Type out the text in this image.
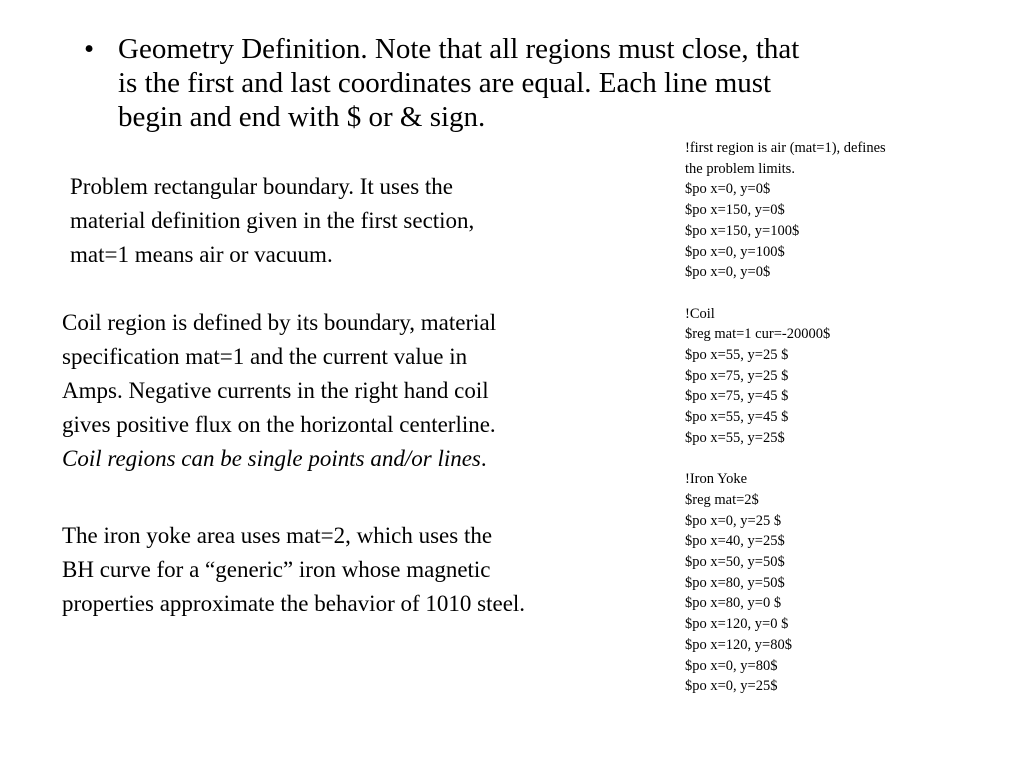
• Geometry Definition. Note that all regions must close, that
is the first and last coordinates are equal. Each line must
begin and end with $ or & sign.
Problem rectangular boundary. It uses the
material definition given in the first section,
mat=1 means air or vacuum.
Coil region is defined by its boundary, material
specification mat=1 and the current value in
Amps. Negative currents in the right hand coil
gives positive flux on the horizontal centerline.
Coil regions can be single points and/or lines.
The iron yoke area uses mat=2, which uses the
BH curve for a “generic” iron whose magnetic
properties approximate the behavior of 1010 steel.
!first region is air (mat=1), defines
the problem limits.
$po x=0, y=0$
$po x=150, y=0$
$po x=150, y=100$
$po x=0, y=100$
$po x=0, y=0$
!Coil
$reg mat=1 cur=-20000$
$po x=55, y=25 $
$po x=75, y=25 $
$po x=75, y=45 $
$po x=55, y=45 $
$po x=55, y=25$
!Iron Yoke
$reg mat=2$
$po x=0, y=25 $
$po x=40, y=25$
$po x=50, y=50$
$po x=80, y=50$
$po x=80, y=0 $
$po x=120, y=0 $
$po x=120, y=80$
$po x=0, y=80$
$po x=0, y=25$
